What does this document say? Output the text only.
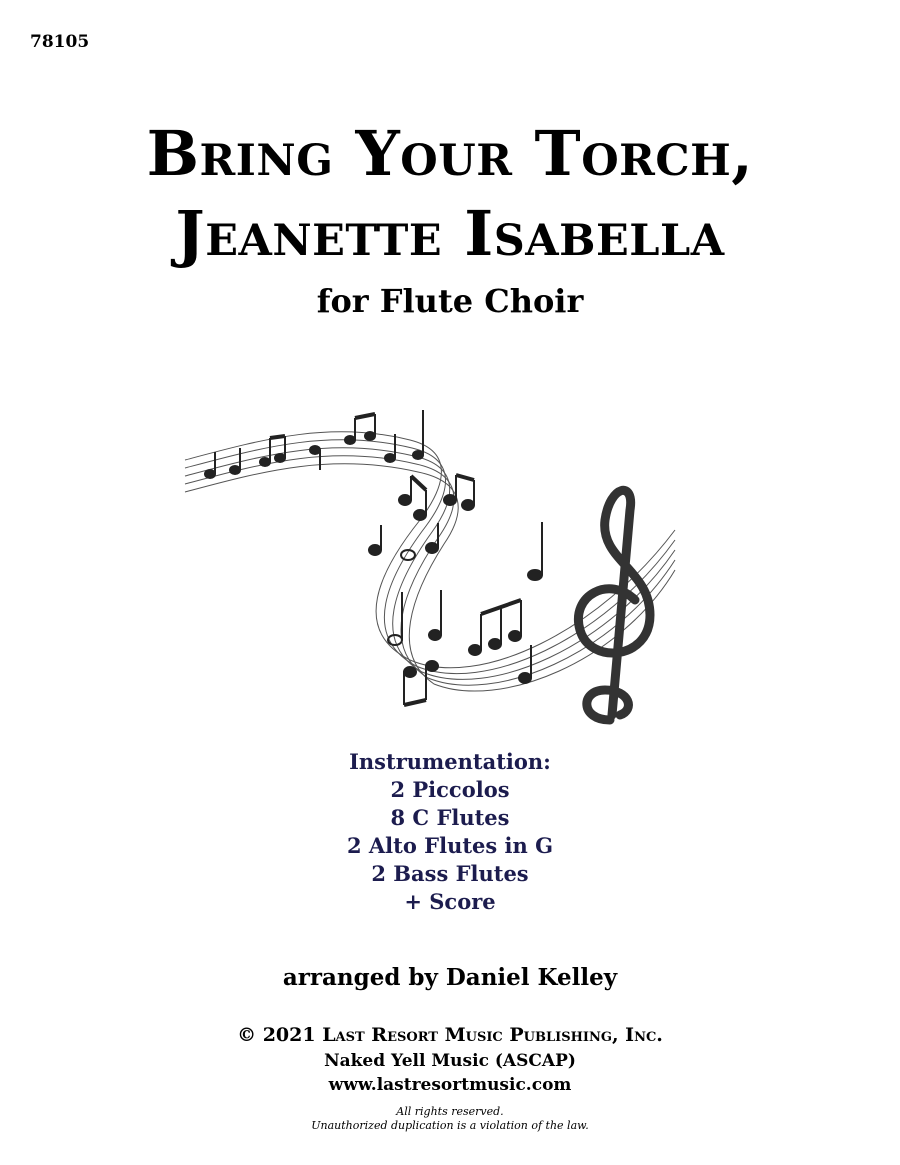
78105
Bring Your Torch,
Jeanette Isabella
for Flute Choir
Instrumentation:
2 Piccolos
8 C Flutes
2 Alto Flutes in G
2 Bass Flutes
+ Score
arranged by Daniel Kelley
© 2021 Last Resort Music Publishing, Inc.
Naked Yell Music (ASCAP)
www.lastresortmusic.com
All rights reserved.
Unauthorized duplication is a violation of the law.
